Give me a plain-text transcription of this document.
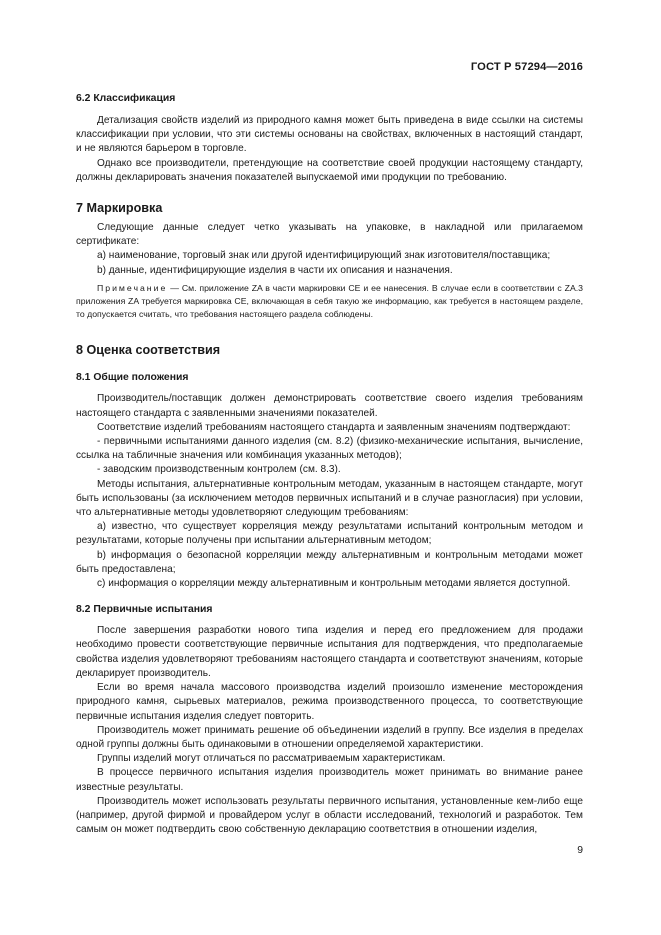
ГОСТ Р 57294—2016
6.2 Классификация

Детализация свойств изделий из природного камня может быть приведена в виде ссылки на системы классификации при условии, что эти системы основаны на свойствах, включенных в настоящий стандарт, и не являются барьером в торговле.

Однако все производители, претендующие на соответствие своей продукции настоящему стандарту, должны декларировать значения показателей выпускаемой ими продукции по требованию.

7 Маркировка

Следующие данные следует четко указывать на упаковке, в накладной или прилагаемом сертификате:

а) наименование, торговый знак или другой идентифицирующий знак изготовителя/поставщика;

b) данные, идентифицирующие изделия в части их описания и назначения.

Примечание — См. приложение ZA в части маркировки CE и ее нанесения. В случае если в соответствии с ZA.3 приложения ZA требуется маркировка CE, включающая в себя такую же информацию, как требуется в настоящем разделе, то допускается считать, что требования настоящего раздела соблюдены.

8 Оценка соответствия
8.1 Общие положения

Производитель/поставщик должен демонстрировать соответствие своего изделия требованиям настоящего стандарта с заявленными значениями показателей.

Соответствие изделий требованиям настоящего стандарта и заявленным значениям подтверждают:

- первичными испытаниями данного изделия (см. 8.2) (физико-механические испытания, вычисление, ссылка на табличные значения или комбинация указанных методов);

- заводским производственным контролем (см. 8.3).

Методы испытания, альтернативные контрольным методам, указанным в настоящем стандарте, могут быть использованы (за исключением методов первичных испытаний и в случае разногласия) при условии, что альтернативные методы удовлетворяют следующим требованиям:

а) известно, что существует корреляция между результатами испытаний контрольным методом и результатами, которые получены при испытании альтернативным методом;

b) информация о безопасной корреляции между альтернативным и контрольным методами может быть предоставлена;

с) информация о корреляции между альтернативным и контрольным методами является доступной.

8.2 Первичные испытания

После завершения разработки нового типа изделия и перед его предложением для продажи необходимо провести соответствующие первичные испытания для подтверждения, что предполагаемые свойства изделия удовлетворяют требованиям настоящего стандарта и соответствуют значениям, которые декларирует производитель.

Если во время начала массового производства изделий произошло изменение месторождения природного камня, сырьевых материалов, режима производственного процесса, то соответствующие первичные испытания изделия следует повторить.

Производитель может принимать решение об объединении изделий в группу. Все изделия в пределах одной группы должны быть одинаковыми в отношении определяемой характеристики.

Группы изделий могут отличаться по рассматриваемым характеристикам.

В процессе первичного испытания изделия производитель может принимать во внимание ранее известные результаты.

Производитель может использовать результаты первичного испытания, установленные кем-либо еще (например, другой фирмой и провайдером услуг в области исследований, технологий и разработок. Тем самым он может подтвердить свою собственную декларацию соответствия в отношении изделия,

9
